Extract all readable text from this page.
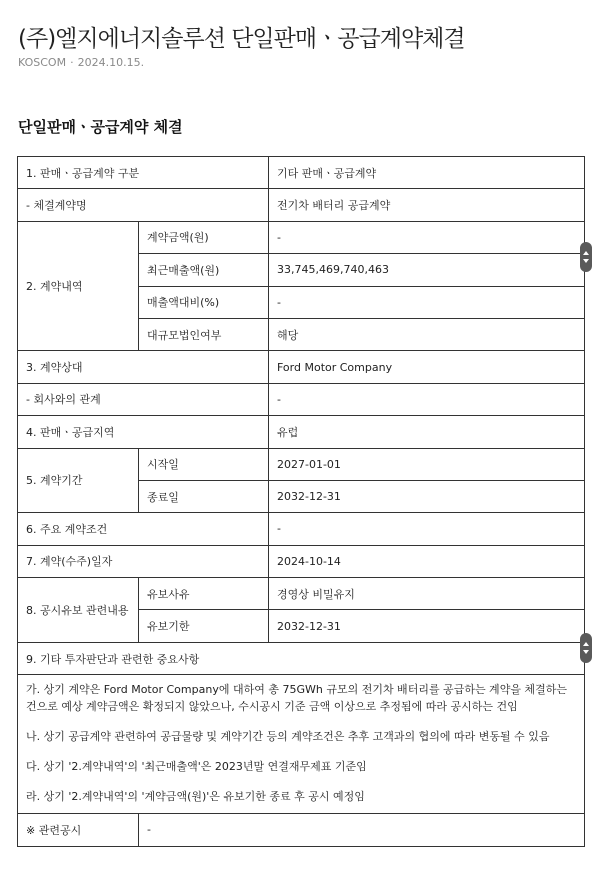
(주)엘지에너지솔루션 단일판매ㆍ공급계약체결
KOSCOM · 2024.10.15.
단일판매ㆍ공급계약 체결
1. 판매ㆍ공급계약 구분		기타 판매ㆍ공급계약
- 체결계약명		전기차 배터리 공급계약
2. 계약내역	계약금액(원)	-
	최근매출액(원)	33,745,469,740,463
	매출액대비(%)	-
	대규모법인여부	해당
3. 계약상대		Ford Motor Company
- 회사와의 관계		-
4. 판매ㆍ공급지역		유럽
5. 계약기간	시작일	2027-01-01
	종료일	2032-12-31
6. 주요 계약조건		-
7. 계약(수주)일자		2024-10-14
8. 공시유보 관련내용	유보사유	경영상 비밀유지
	유보기한	2032-12-31
9. 기타 투자판단과 관련한 중요사항		

가. 상기 계약은 Ford Motor Company에 대하여 총 75GWh 규모의 전기차 배터리를 공급하는 계약을 체결하는 건으로 예상 계약금액은 확정되지 않았으나, 수시공시 기준 금액 이상으로 추정됨에 따라 공시하는 건임

나. 상기 공급계약 관련하여 공급물량 및 계약기간 등의 계약조건은 추후 고객과의 협의에 따라 변동될 수 있음

다. 상기 '2.계약내역'의 '최근매출액'은 2023년말 연결재무제표 기준임

라. 상기 '2.계약내역'의 '계약금액(원)'은 유보기한 종료 후 공시 예정임		

※ 관련공시	-	
